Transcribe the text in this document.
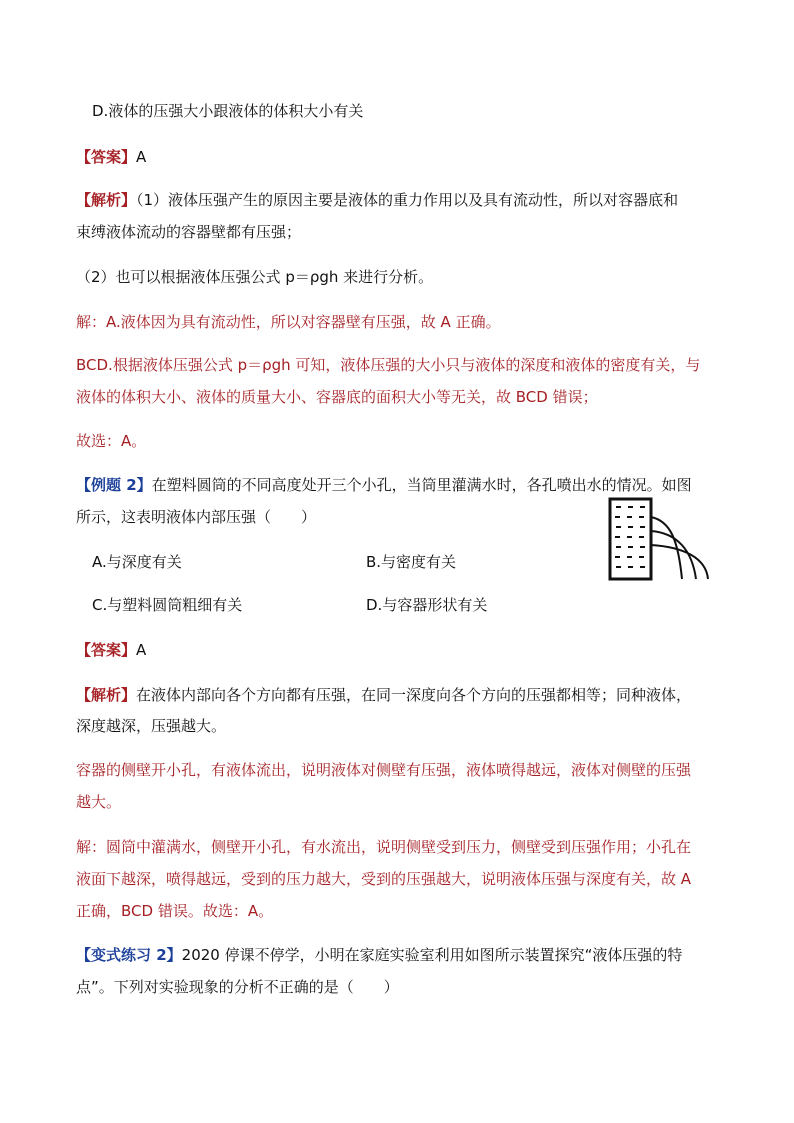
D.液体的压强大小跟液体的体积大小有关
【答案】A
【解析】（1）液体压强产生的原因主要是液体的重力作用以及具有流动性，所以对容器底和
束缚液体流动的容器壁都有压强；
（2）也可以根据液体压强公式 p＝ρgh 来进行分析。
解：A.液体因为具有流动性，所以对容器壁有压强，故 A 正确。
BCD.根据液体压强公式 p＝ρgh 可知，液体压强的大小只与液体的深度和液体的密度有关，与
液体的体积大小、液体的质量大小、容器底的面积大小等无关，故 BCD 错误；
故选：A。
【例题 2】在塑料圆筒的不同高度处开三个小孔，当筒里灌满水时，各孔喷出水的情况。如图
所示，这表明液体内部压强（　　）
A.与深度有关	B.与密度有关
C.与塑料圆筒粗细有关	D.与容器形状有关
【答案】A
【解析】在液体内部向各个方向都有压强，在同一深度向各个方向的压强都相等；同种液体，
深度越深，压强越大。
容器的侧壁开小孔，有液体流出，说明液体对侧壁有压强，液体喷得越远，液体对侧壁的压强
越大。
解：圆筒中灌满水，侧壁开小孔，有水流出，说明侧壁受到压力，侧壁受到压强作用；小孔在
液面下越深，喷得越远，受到的压力越大，受到的压强越大，说明液体压强与深度有关，故 A
正确，BCD 错误。故选：A。
【变式练习 2】2020 停课不停学，小明在家庭实验室利用如图所示装置探究“液体压强的特
点”。下列对实验现象的分析不正确的是（　　）
